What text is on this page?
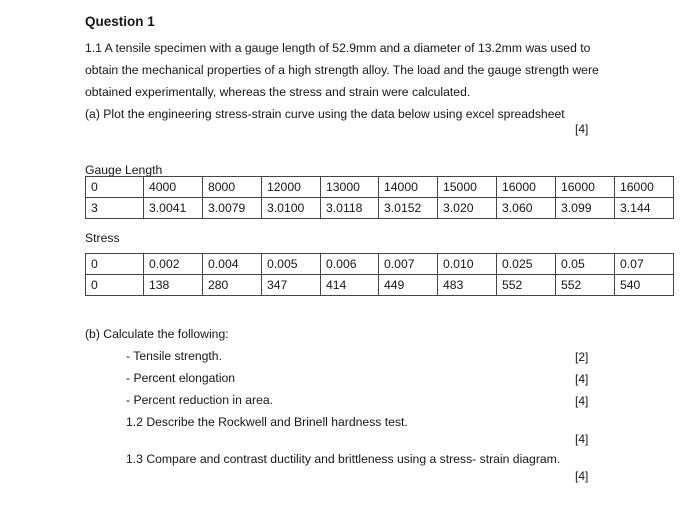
Question 1

1.1 A tensile specimen with a gauge length of 52.9mm and a diameter of 13.2mm was used to

obtain the mechanical properties of a high strength alloy. The load and the gauge strength were

obtained experimentally, whereas the stress and strain were calculated.

(a) Plot the engineering stress-strain curve using the data below using excel spreadsheet

[4]
Gauge Length
0	4000	8000	12000	13000	14000	15000	16000	16000	16000
3	3.0041	3.0079	3.0100	3.0118	3.0152	3.020	3.060	3.099	3.144
Stress
0	0.002	0.004	0.005	0.006	0.007	0.010	0.025	0.05	0.07
0	138	280	347	414	449	483	552	552	540
(b) Calculate the following:
- Tensile strength.	[2]
- Percent elongation	[4]
- Percent reduction in area.	[4]
1.2 Describe the Rockwell and Brinell hardness test.
[4]
1.3 Compare and contrast ductility and brittleness using a stress- strain diagram.
[4]
